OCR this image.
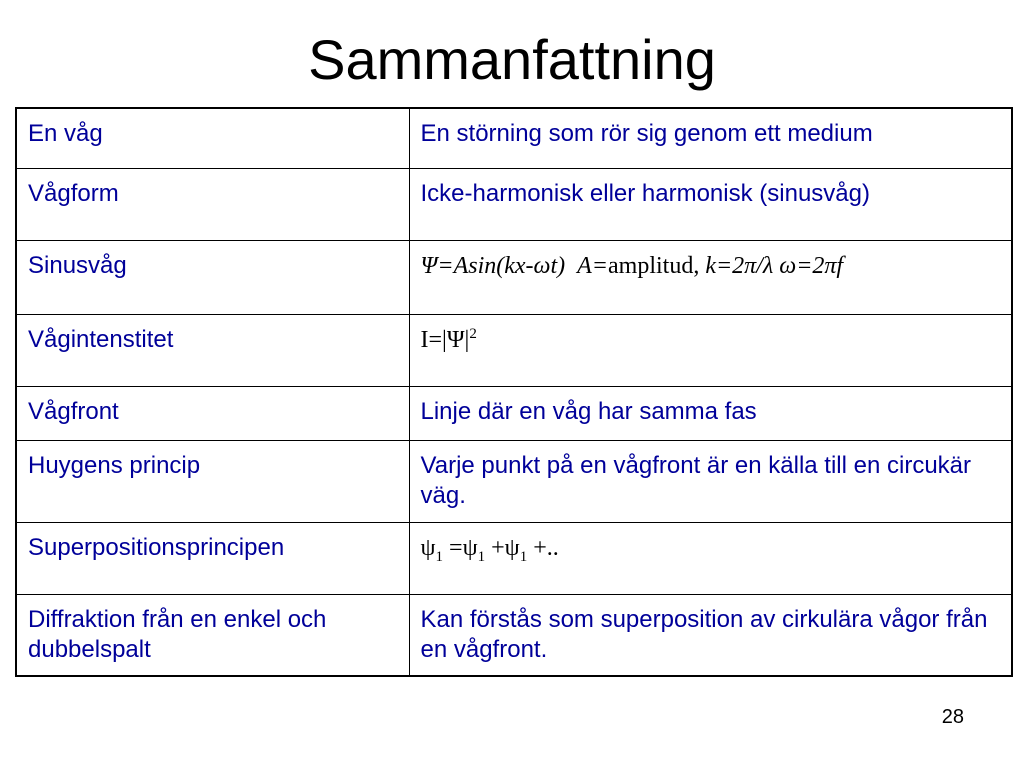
Sammanfattning
En våg	En störning som rör sig genom ett medium
Vågform	Icke-harmonisk eller harmonisk (sinusvåg)
Sinusvåg	Ψ=Asin(kx-ωt) A=amplitud, k=2π/λ ω=2πf
Vågintenstitet	$I=|\Psi|^2$
Vågfront	Linje där en våg har samma fas
Huygens princip	Varje punkt på en vågfront är en källa till en circukär väg.
Superpositionsprincipen	$\psi_1 =\psi_1 +\psi_1$ +..
Diffraktion från en enkel och dubbelspalt	Kan förstås som superposition av cirkulära vågor från en vågfront.
28
